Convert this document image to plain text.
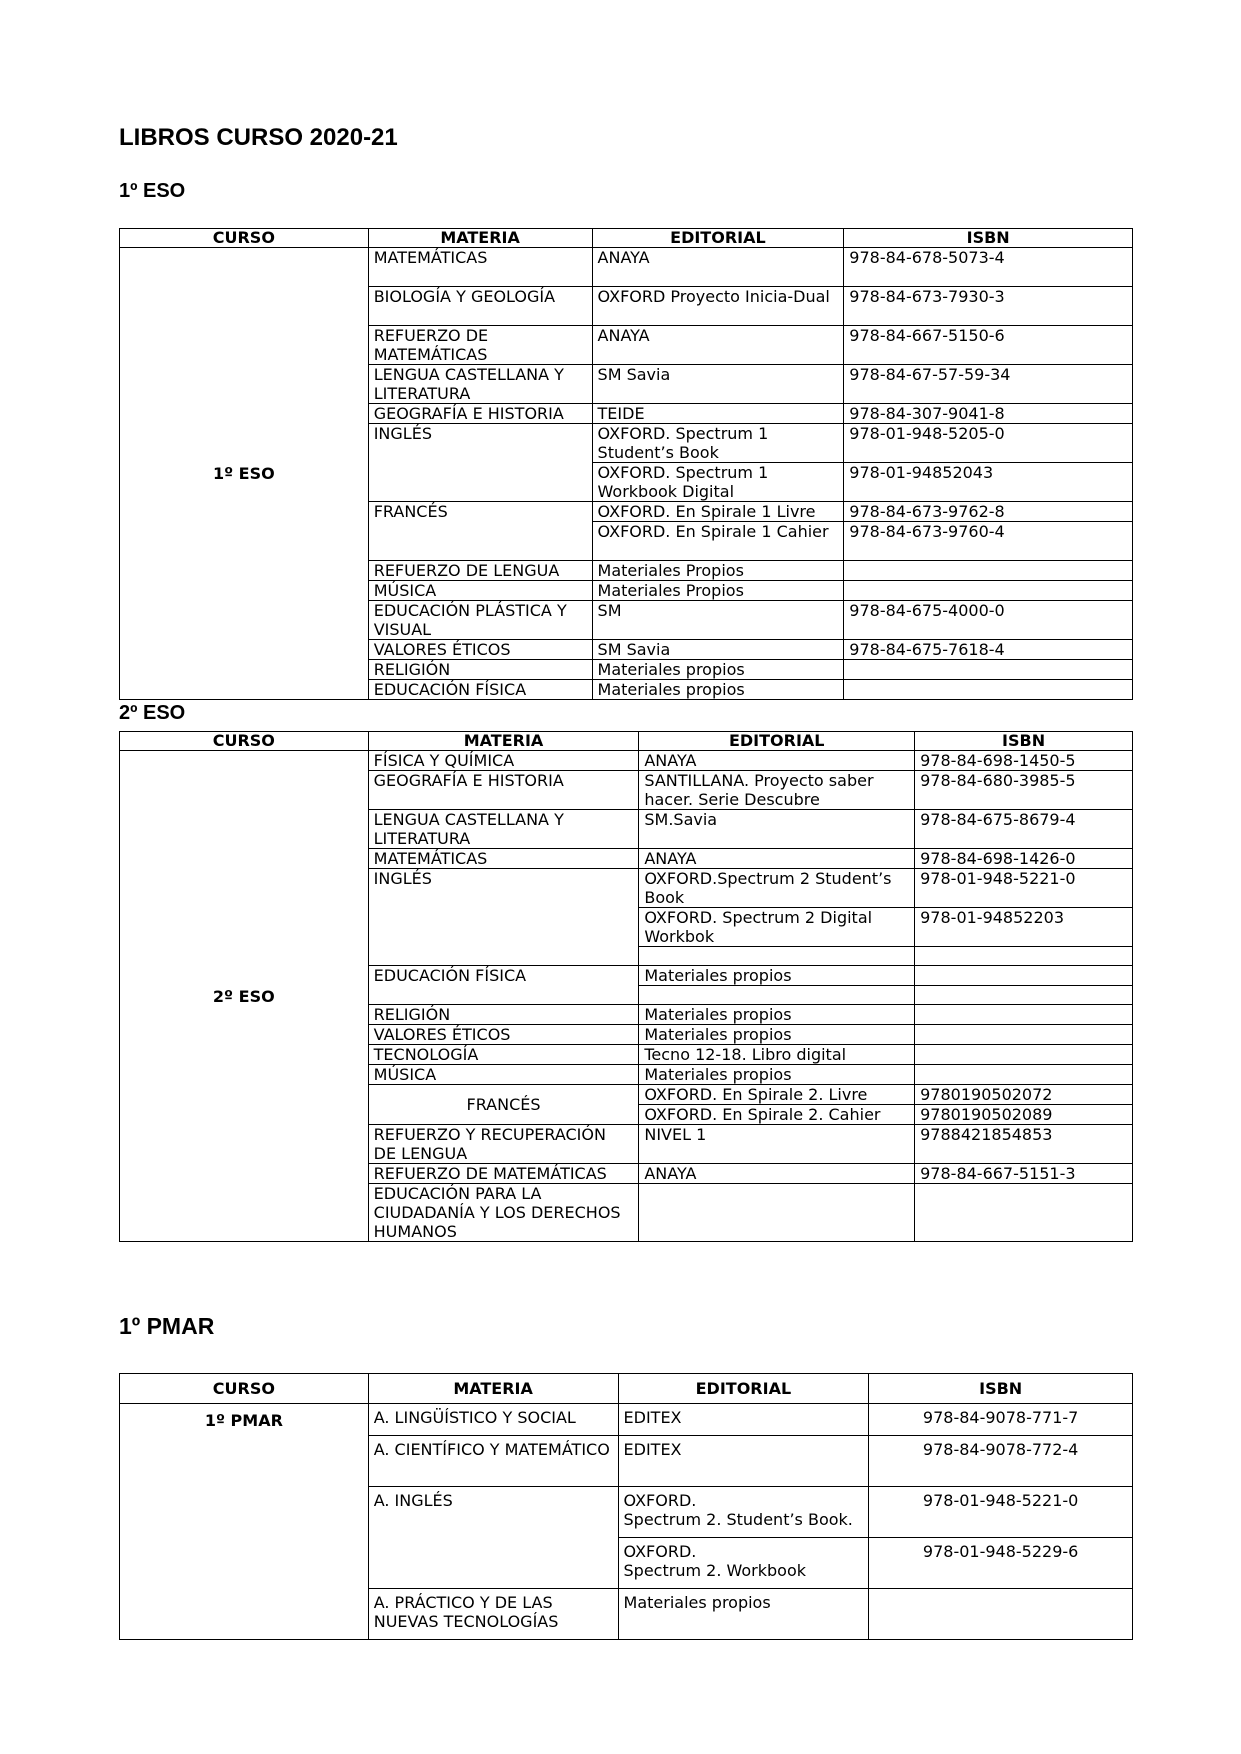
LIBROS CURSO 2020-21
1º ESO
CURSO	MATERIA	EDITORIAL	ISBN
1º ESO	MATEMÁTICAS	ANAYA	978-84-678-5073-4
	BIOLOGÍA Y GEOLOGÍA	OXFORD Proyecto Inicia-Dual	978-84-673-7930-3
	REFUERZO DE MATEMÁTICAS	ANAYA	978-84-667-5150-6
	LENGUA CASTELLANA Y LITERATURA	SM Savia	978-84-67-57-59-34
	GEOGRAFÍA E HISTORIA	TEIDE	978-84-307-9041-8
	INGLÉS	OXFORD. Spectrum 1 Student’s Book	978-01-948-5205-0
		OXFORD. Spectrum 1 Workbook Digital	978-01-94852043
	FRANCÉS	OXFORD. En Spirale 1 Livre	978-84-673-9762-8
		OXFORD. En Spirale 1 Cahier	978-84-673-9760-4
	REFUERZO DE LENGUA	Materiales Propios	
	MÚSICA	Materiales Propios	
	EDUCACIÓN PLÁSTICA Y VISUAL	SM	978-84-675-4000-0
	VALORES ÉTICOS	SM Savia	978-84-675-7618-4
	RELIGIÓN	Materiales propios	
	EDUCACIÓN FÍSICA	Materiales propios	
2º ESO
CURSO	MATERIA	EDITORIAL	ISBN
2º ESO	FÍSICA Y QUÍMICA	ANAYA	978-84-698-1450-5
	GEOGRAFÍA E HISTORIA	SANTILLANA. Proyecto saber hacer. Serie Descubre	978-84-680-3985-5
	LENGUA CASTELLANA Y LITERATURA	SM.Savia	978-84-675-8679-4
	MATEMÁTICAS	ANAYA	978-84-698-1426-0
	INGLÉS	OXFORD.Spectrum 2 Student’s Book	978-01-948-5221-0
		OXFORD. Spectrum 2 Digital Workbok	978-01-94852203

	EDUCACIÓN FÍSICA	Materiales propios	

	RELIGIÓN	Materiales propios	
	VALORES ÉTICOS	Materiales propios	
	TECNOLOGÍA	Tecno 12-18. Libro digital	
	MÚSICA	Materiales propios	
	FRANCÉS	OXFORD. En Spirale 2. Livre	9780190502072
		OXFORD. En Spirale 2. Cahier	9780190502089
	REFUERZO Y RECUPERACIÓN DE LENGUA	NIVEL 1	9788421854853
	REFUERZO DE MATEMÁTICAS	ANAYA	978-84-667-5151-3
	EDUCACIÓN PARA LA CIUDADANÍA Y LOS DERECHOS HUMANOS		
1º PMAR
CURSO	MATERIA	EDITORIAL	ISBN
1º PMAR	A. LINGÜÍSTICO Y SOCIAL	EDITEX	978-84-9078-771-7
	A. CIENTÍFICO Y MATEMÁTICO	EDITEX	978-84-9078-772-4
	A. INGLÉS	OXFORD.
Spectrum 2. Student’s Book.	978-01-948-5221-0

		OXFORD.
Spectrum 2. Workbook	978-01-948-5229-6
	A. PRÁCTICO Y DE LAS NUEVAS TECNOLOGÍAS	Materiales propios	
